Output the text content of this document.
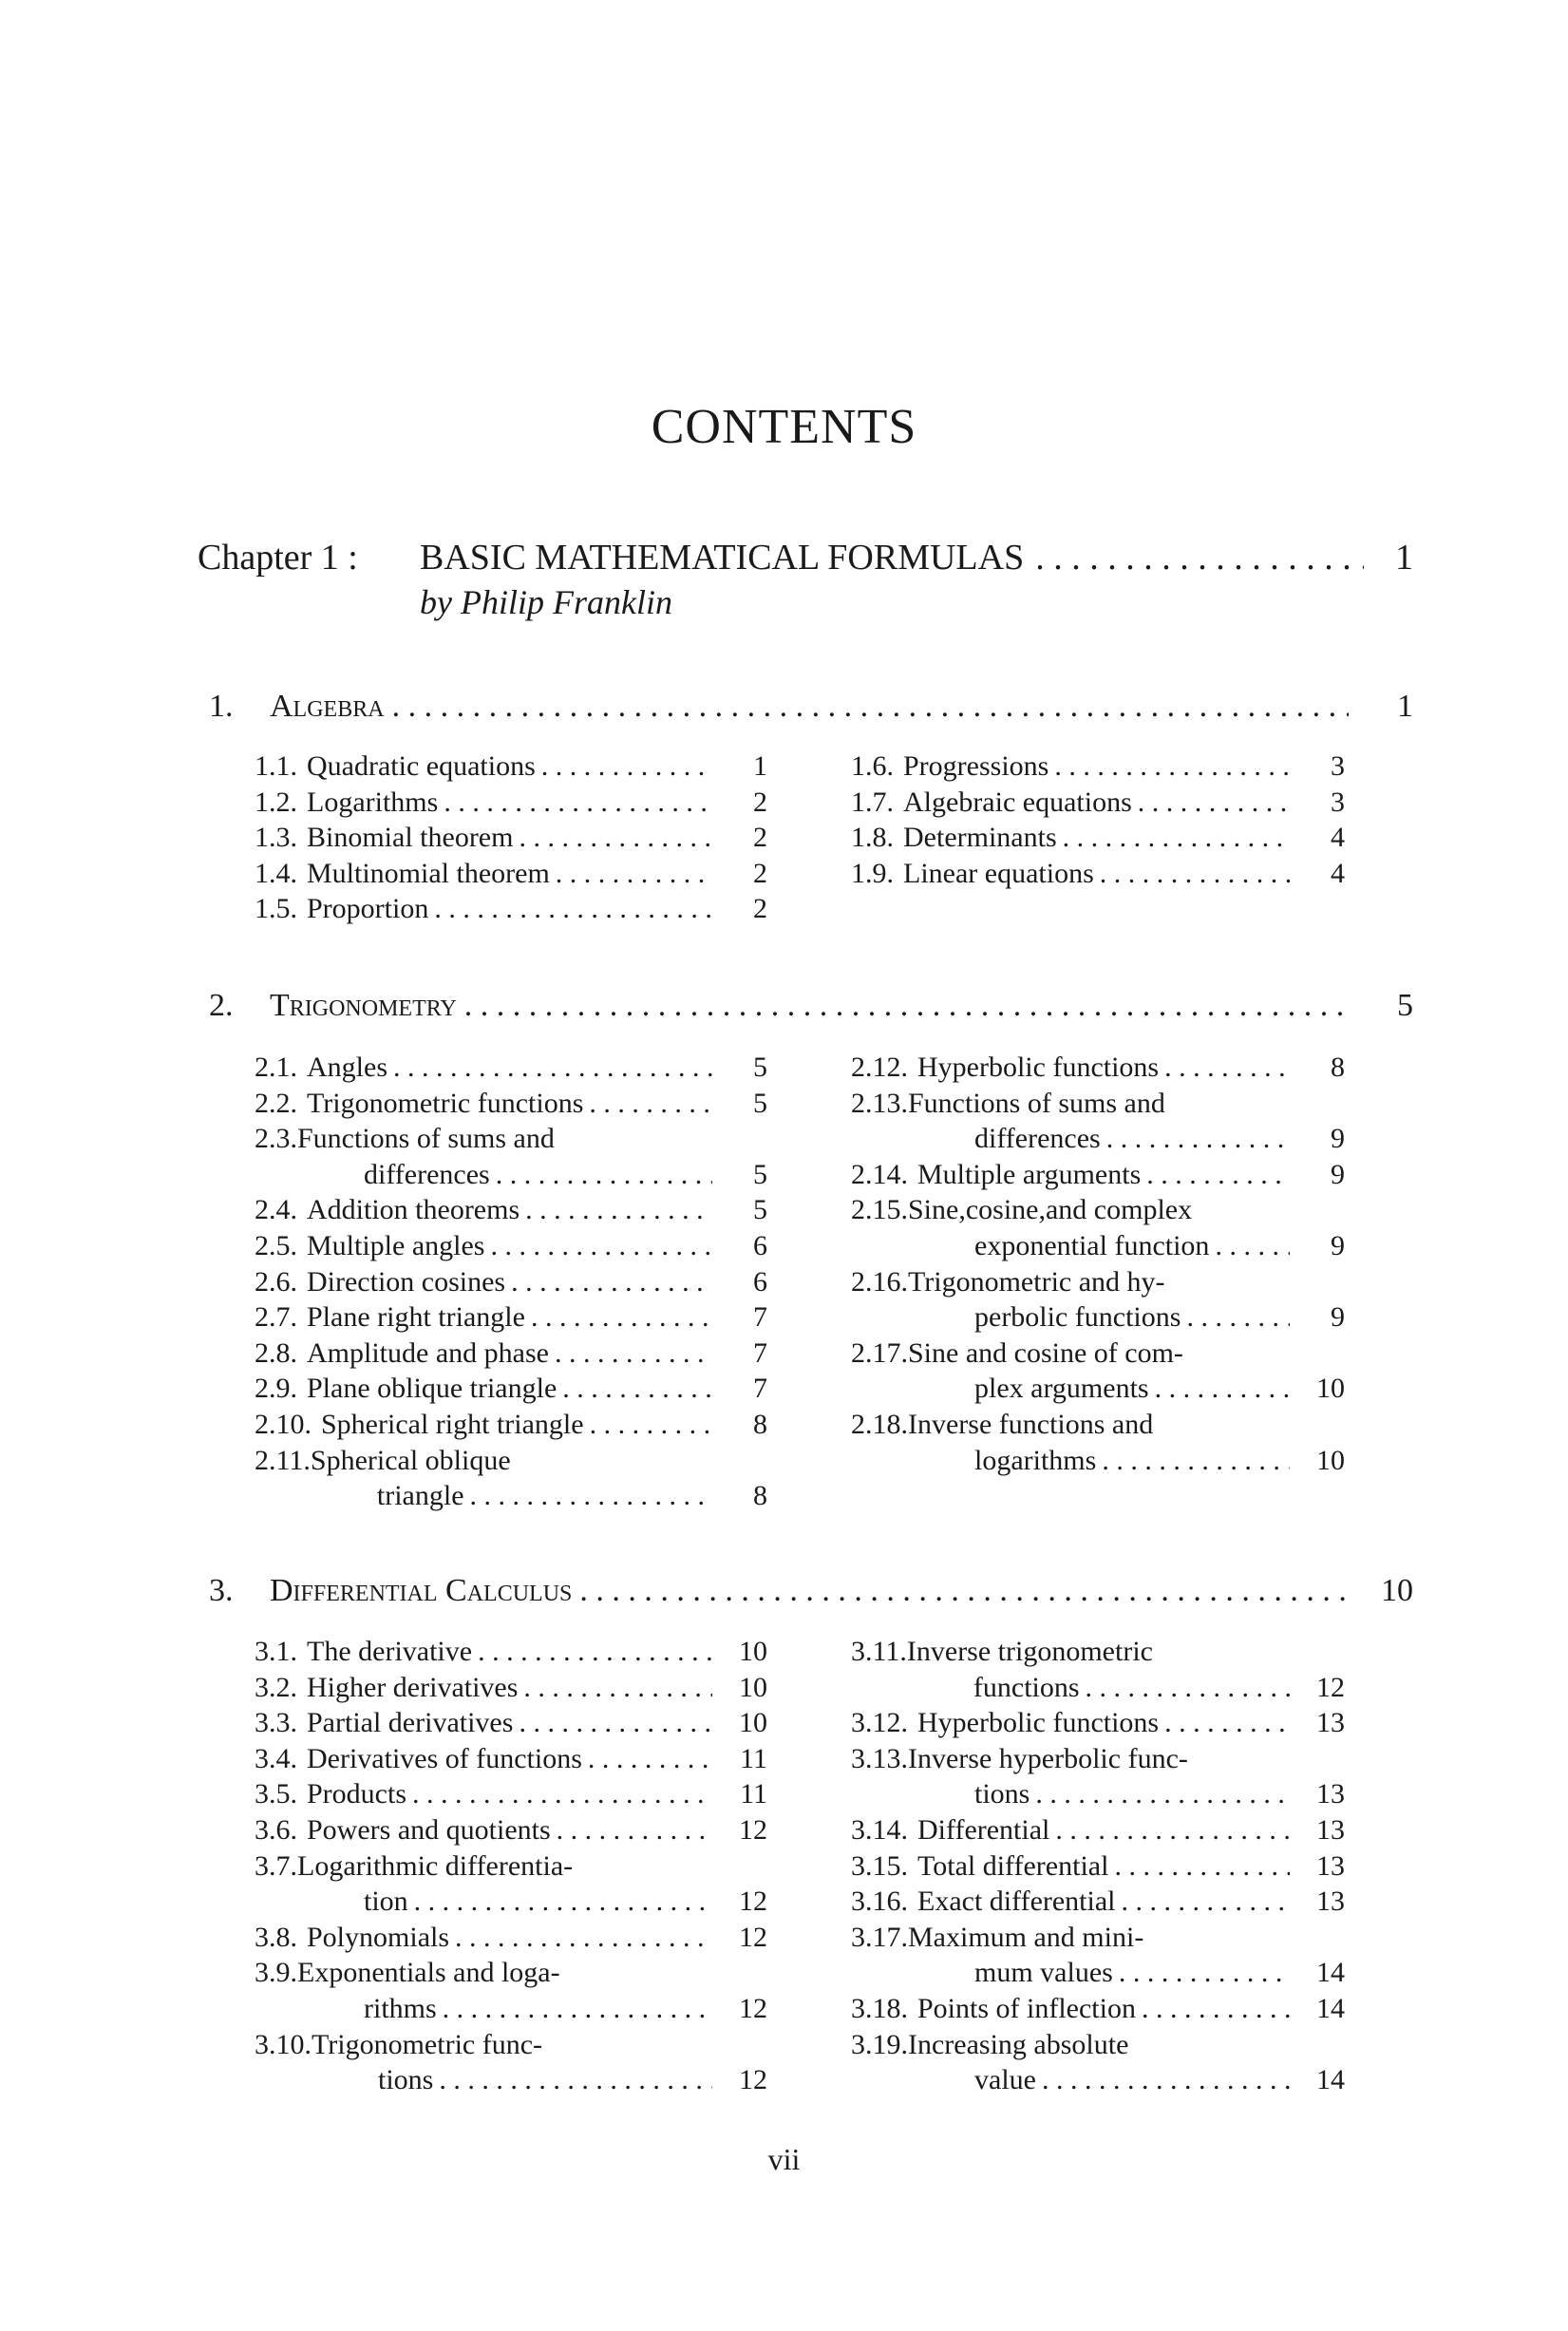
CONTENTS
Chapter 1 :	BASIC MATHEMATICAL FORMULAS . . .	1
by Philip Franklin
1.	Algebra . . .	1
1.1. Quadratic equations . . .	1
1.2. Logarithms . . .	2
1.3. Binomial theorem . . .	2
1.4. Multinomial theorem . . .	2
1.5. Proportion . . .	2
1.6. Progressions . . .	3
1.7. Algebraic equations . . .	3
1.8. Determinants . . .	4
1.9. Linear equations . . .	4
2.	Trigonometry . . .	5
2.1. Angles . . .	5
2.2. Trigonometric functions . . .	5
2.3. Functions of sums and
differences . . .	5
2.4. Addition theorems . . .	5
2.5. Multiple angles . . .	6
2.6. Direction cosines . . .	6
2.7. Plane right triangle . . .	7
2.8. Amplitude and phase . . .	7
2.9. Plane oblique triangle . . .	7
2.10. Spherical right triangle . . .	8
2.11. Spherical oblique
triangle . . .	8
2.12. Hyperbolic functions . . .	8
2.13. Functions of sums and
differences . . .	9
2.14. Multiple arguments . . .	9
2.15. Sine,cosine,and complex
exponential function . . .	9
2.16. Trigonometric and hy-
perbolic functions . . .	9
2.17. Sine and cosine of com-
plex arguments . . .	10
2.18. Inverse functions and
logarithms . . .	10
3.	Differential Calculus . . .	10
3.1. The derivative . . .	10
3.2. Higher derivatives . . .	10
3.3. Partial derivatives . . .	10
3.4. Derivatives of functions . . .	11
3.5. Products . . .	11
3.6. Powers and quotients . . .	12
3.7. Logarithmic differentia-
tion . . .	12
3.8. Polynomials . . .	12
3.9. Exponentials and loga-
rithms . . .	12
3.10. Trigonometric func-
tions . . .	12
3.11. Inverse trigonometric
functions . . .	12
3.12. Hyperbolic functions . . .	13
3.13. Inverse hyperbolic func-
tions . . .	13
3.14. Differential . . .	13
3.15. Total differential . . .	13
3.16. Exact differential . . .	13
3.17. Maximum and mini-
mum values . . .	14
3.18. Points of inflection . . .	14
3.19. Increasing absolute
value . . .	14
vii
